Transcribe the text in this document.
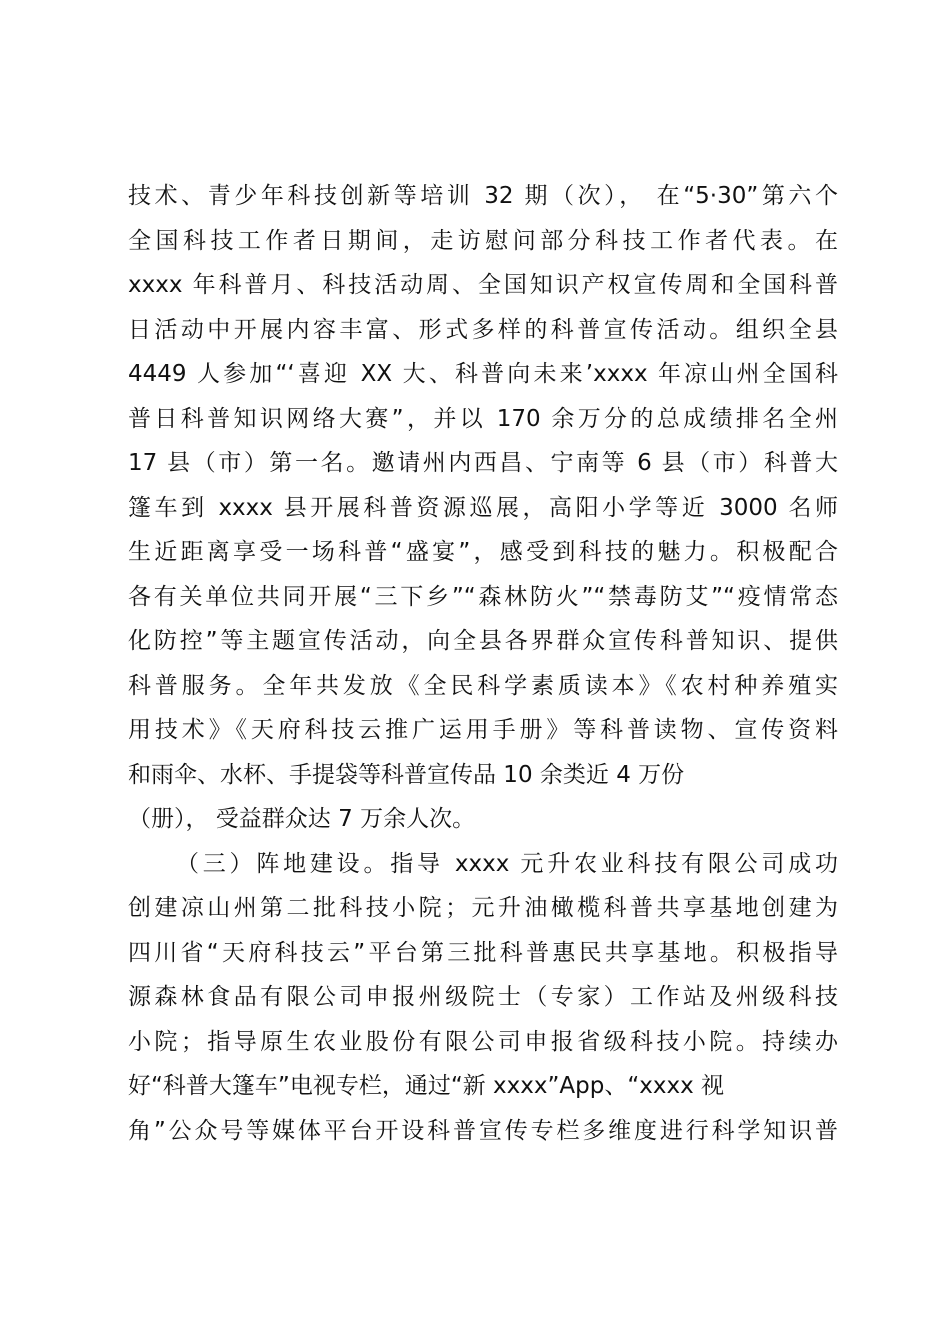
技术、青少年科技创新等培训 32 期（次）， 在“5·30”第六个
全国科技工作者日期间，走访慰问部分科技工作者代表。在
xxxx 年科普月、科技活动周、全国知识产权宣传周和全国科普
日活动中开展内容丰富、形式多样的科普宣传活动。组织全县
4449 人参加“‘喜迎 XX 大、科普向未来’xxxx 年凉山州全国科
普日科普知识网络大赛”，并以 170 余万分的总成绩排名全州
17 县（市）第一名。邀请州内西昌、宁南等 6 县（市）科普大
篷车到 xxxx 县开展科普资源巡展，高阳小学等近 3000 名师
生近距离享受一场科普“盛宴”，感受到科技的魅力。积极配合
各有关单位共同开展“三下乡”“森林防火”“禁毒防艾”“疫情常态
化防控”等主题宣传活动，向全县各界群众宣传科普知识、提供
科普服务。全年共发放《全民科学素质读本》《农村种养殖实
用技术》《天府科技云推广运用手册》等科普读物、宣传资料
和雨伞、水杯、手提袋等科普宣传品 10 余类近 4 万份
（册）， 受益群众达 7 万余人次。
（三）阵地建设。指导 xxxx 元升农业科技有限公司成功
创建凉山州第二批科技小院；元升油橄榄科普共享基地创建为
四川省“天府科技云”平台第三批科普惠民共享基地。积极指导
源森林食品有限公司申报州级院士（专家）工作站及州级科技
小院；指导原生农业股份有限公司申报省级科技小院。持续办
好“科普大篷车”电视专栏，通过“新 xxxx”App、“xxxx 视
角”公众号等媒体平台开设科普宣传专栏多维度进行科学知识普
